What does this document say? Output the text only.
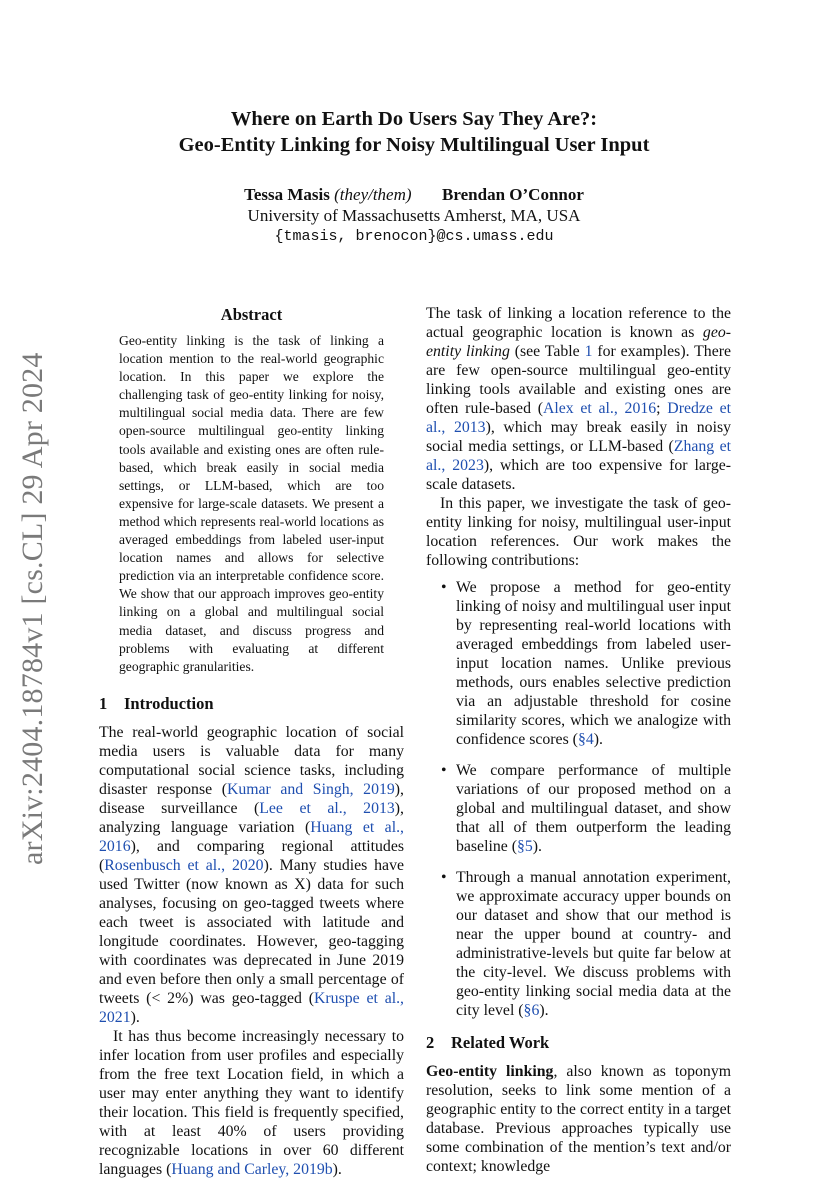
arXiv:2404.18784v1 [cs.CL] 29 Apr 2024
Where on Earth Do Users Say They Are?:
Geo-Entity Linking for Noisy Multilingual User Input
Tessa Masis (they/them) Brendan O’Connor
University of Massachusetts Amherst, MA, USA
{tmasis, brenocon}@cs.umass.edu
Abstract

Geo-entity linking is the task of linking a location mention to the real-world geographic location. In this paper we explore the challenging task of geo-entity linking for noisy, multilingual social media data. There are few open-source multilingual geo-entity linking tools available and existing ones are often rule-based, which break easily in social media settings, or LLM-based, which are too expensive for large-scale datasets. We present a method which represents real-world locations as averaged embeddings from labeled user-input location names and allows for selective prediction via an interpretable confidence score. We show that our approach improves geo-entity linking on a global and multilingual social media dataset, and discuss progress and problems with evaluating at different geographic granularities.

1 Introduction

The real-world geographic location of social media users is valuable data for many computational social science tasks, including disaster response (Kumar and Singh, 2019), disease surveillance (Lee et al., 2013), analyzing language variation (Huang et al., 2016), and comparing regional attitudes (Rosenbusch et al., 2020). Many studies have used Twitter (now known as X) data for such analyses, focusing on geo-tagged tweets where each tweet is associated with latitude and longitude coordinates. However, geo-tagging with coordinates was deprecated in June 2019 and even before then only a small percentage of tweets (< 2%) was geo-tagged (Kruspe et al., 2021).

It has thus become increasingly necessary to infer location from user profiles and especially from the free text Location field, in which a user may enter anything they want to identify their location. This field is frequently specified, with at least 40% of users providing recognizable locations in over 60 different languages (Huang and Carley, 2019b).

The task of linking a location reference to the actual geographic location is known as geo-entity linking (see Table 1 for examples). There are few open-source multilingual geo-entity linking tools available and existing ones are often rule-based (Alex et al., 2016; Dredze et al., 2013), which may break easily in noisy social media settings, or LLM-based (Zhang et al., 2023), which are too expensive for large-scale datasets.

In this paper, we investigate the task of geo-entity linking for noisy, multilingual user-input location references. Our work makes the following contributions:

• We propose a method for geo-entity linking of noisy and multilingual user input by representing real-world locations with averaged embeddings from labeled user-input location names. Unlike previous methods, ours enables selective prediction via an adjustable threshold for cosine similarity scores, which we analogize with confidence scores (§4).
• We compare performance of multiple variations of our proposed method on a global and multilingual dataset, and show that all of them outperform the leading baseline (§5).
• Through a manual annotation experiment, we approximate accuracy upper bounds on our dataset and show that our method is near the upper bound at country- and administrative-levels but quite far below at the city-level. We discuss problems with geo-entity linking social media data at the city level (§6).
2 Related Work

Geo-entity linking, also known as toponym resolution, seeks to link some mention of a geographic entity to the correct entity in a target database. Previous approaches typically use some combination of the mention’s text and/or context; knowledge
